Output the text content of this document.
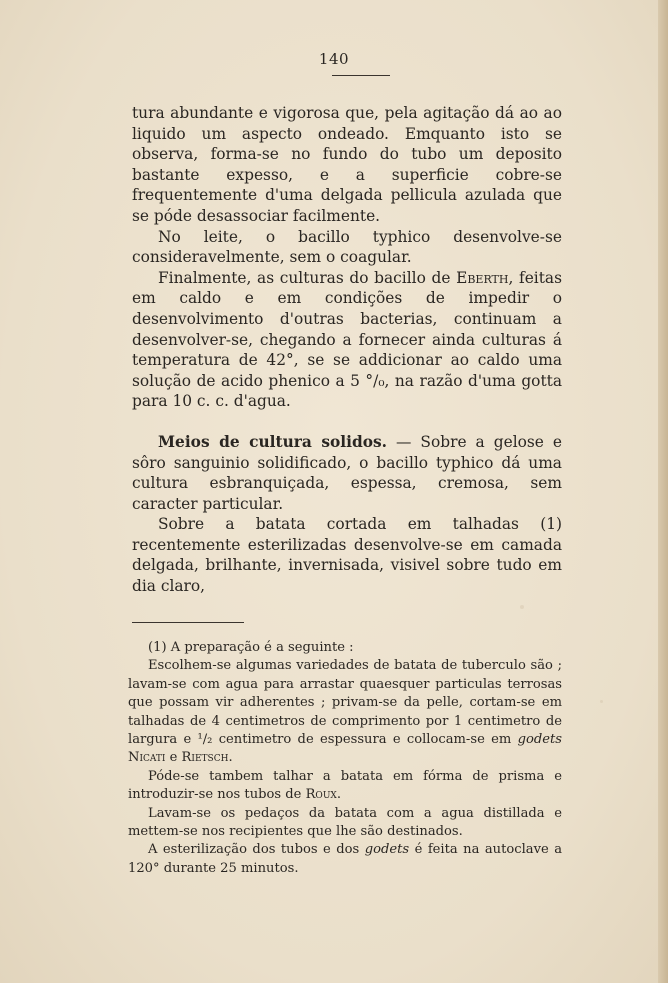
140

tura abundante e vigorosa que, pela agitação dá ao ao liquido um aspecto ondeado. Emquanto isto se observa, forma-se no fundo do tubo um deposito bastante expesso, e a superficie cobre-se frequentemente d'uma delgada pellicula azulada que se póde desassociar facilmente.

No leite, o bacillo typhico desenvolve-se consideravelmente, sem o coagular.

Finalmente, as culturas do bacillo de Eberth, feitas em caldo e em condições de impedir o desenvolvimento d'outras bacterias, continuam a desenvolver-se, chegando a fornecer ainda culturas á temperatura de 42°, se se addicionar ao caldo uma solução de acido phenico a 5 °/₀, na razão d'uma gotta para 10 c. c. d'agua.

Meios de cultura solidos. — Sobre a gelose e sôro sanguinio solidificado, o bacillo typhico dá uma cultura esbranquiçada, espessa, cremosa, sem caracter particular.

Sobre a batata cortada em talhadas (1) recentemente esterilizadas desenvolve-se em camada delgada, brilhante, invernisada, visivel sobre tudo em dia claro,

(1) A preparação é a seguinte :

Escolhem-se algumas variedades de batata de tuberculo são ; lavam-se com agua para arrastar quaesquer particulas terrosas que possam vir adherentes ; privam-se da pelle, cortam-se em talhadas de 4 centimetros de comprimento por 1 centimetro de largura e ¹/₂ centimetro de espessura e collocam-se em godets Nicati e Rietsch.

Póde-se tambem talhar a batata em fórma de prisma e introduzir-se nos tubos de Roux.

Lavam-se os pedaços da batata com a agua distillada e mettem-se nos recipientes que lhe são destinados.

A esterilização dos tubos e dos godets é feita na autoclave a 120° durante 25 minutos.
